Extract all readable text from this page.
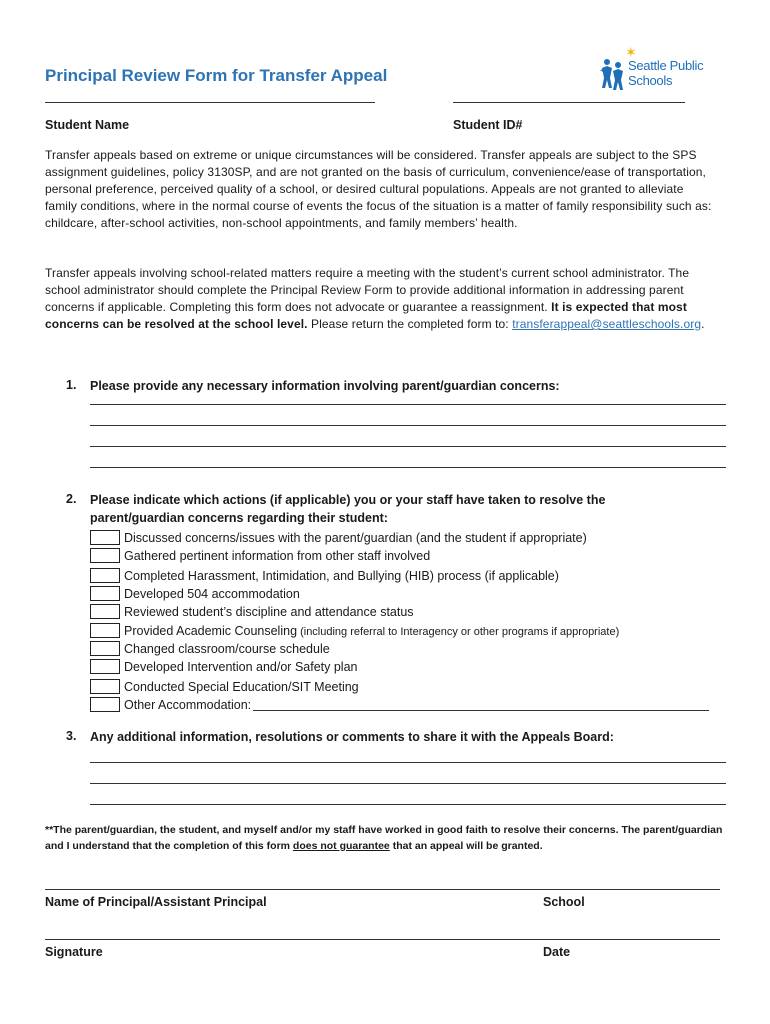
Principal Review Form for Transfer Appeal
✶
Seattle Public
Schools
Student Name	Student ID#

Transfer appeals based on extreme or unique circumstances will be considered. Transfer appeals are subject to the SPS assignment guidelines, policy 3130SP, and are not granted on the basis of curriculum, convenience/ease of transportation, personal preference, perceived quality of a school, or desired cultural populations. Appeals are not granted to alleviate family conditions, where in the normal course of events the focus of the situation is a matter of family responsibility such as: childcare, after-school activities, non-school appointments, and family members’ health.

Transfer appeals involving school-related matters require a meeting with the student’s current school administrator. The school administrator should complete the Principal Review Form to provide additional information in addressing parent concerns if applicable. Completing this form does not advocate or guarantee a reassignment. It is expected that most concerns can be resolved at the school level. Please return the completed form to: transferappeal@seattleschools.org.

1. Please provide any necessary information involving parent/guardian concerns:
2. Please indicate which actions (if applicable) you or your staff have taken to resolve the parent/guardian concerns regarding their student:
Discussed concerns/issues with the parent/guardian (and the student if appropriate)
Gathered pertinent information from other staff involved
Completed Harassment, Intimidation, and Bullying (HIB) process (if applicable)
Developed 504 accommodation
Reviewed student’s discipline and attendance status
Provided Academic Counseling (including referral to Interagency or other programs if appropriate)
Changed classroom/course schedule
Developed Intervention and/or Safety plan
Conducted Special Education/SIT Meeting
Other Accommodation:
3. Any additional information, resolutions or comments to share it with the Appeals Board:

**The parent/guardian, the student, and myself and/or my staff have worked in good faith to resolve their concerns. The parent/guardian and I understand that the completion of this form does not guarantee that an appeal will be granted.

Name of Principal/Assistant Principal	School
Signature	Date
